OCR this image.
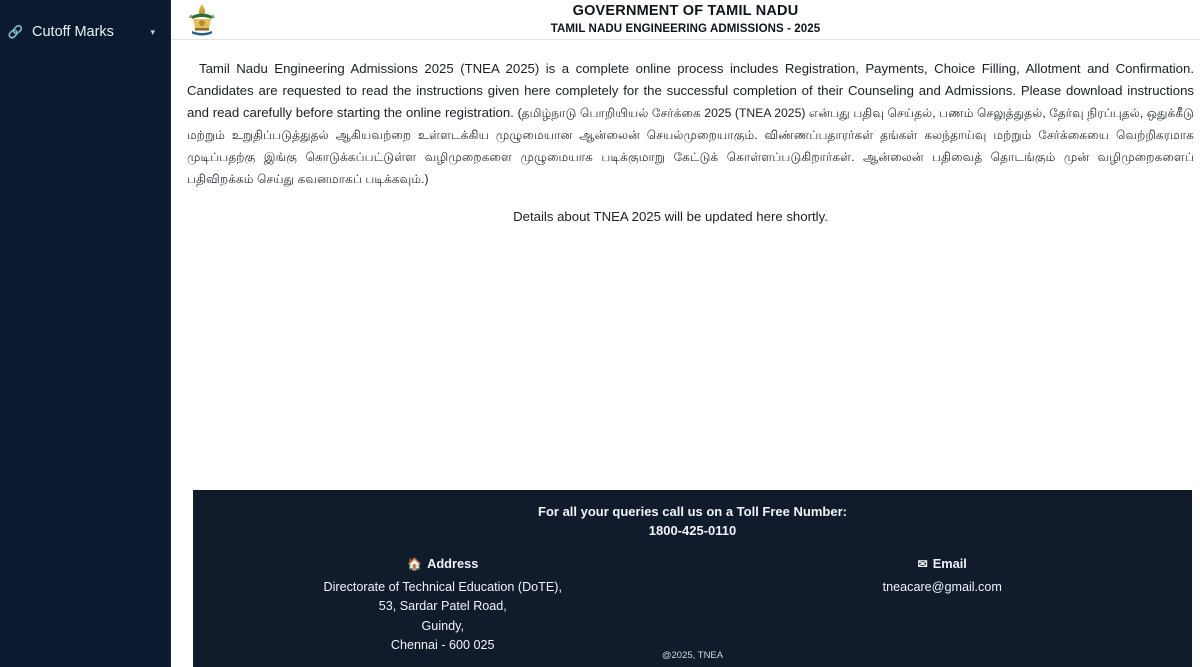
🔗 Cutoff Marks	▾
GOVERNMENT OF TAMIL NADU
TAMIL NADU ENGINEERING ADMISSIONS - 2025

Tamil Nadu Engineering Admissions 2025 (TNEA 2025) is a complete online process includes Registration, Payments, Choice Filling, Allotment and Confirmation. Candidates are requested to read the instructions given here completely for the successful completion of their Counseling and Admissions. Please download instructions and read carefully before starting the online registration. (தமிழ்நாடு பொறியியல் சேர்க்கை 2025 (TNEA 2025) என்பது பதிவு செய்தல், பணம் செலுத்துதல், தேர்வு நிரப்புதல், ஒதுக்கீடு மற்றும் உறுதிப்படுத்துதல் ஆகியவற்றை உள்ளடக்கிய முழுமையான ஆன்லைன் செயல்முறையாகும். விண்ணப்பதாரர்கள் தங்கள் கலந்தாய்வு மற்றும் சேர்க்கையை வெற்றிகரமாக முடிப்பதற்கு இங்கு கொடுக்கப்பட்டுள்ள வழிமுறைகளை முழுமையாக படிக்குமாறு கேட்டுக் கொள்ளப்படுகிறார்கள். ஆன்லைன் பதிவைத் தொடங்கும் முன் வழிமுறைகளைப் பதிவிறக்கம் செய்து கவனமாகப் படிக்கவும்.)

Details about TNEA 2025 will be updated here shortly.
For all your queries call us on a Toll Free Number:
1800-425-0110
🏠 Address
Directorate of Technical Education (DoTE),
53, Sardar Patel Road,
Guindy,
Chennai - 600 025
✉ Email
tneacare@gmail.com
@2025, TNEA
